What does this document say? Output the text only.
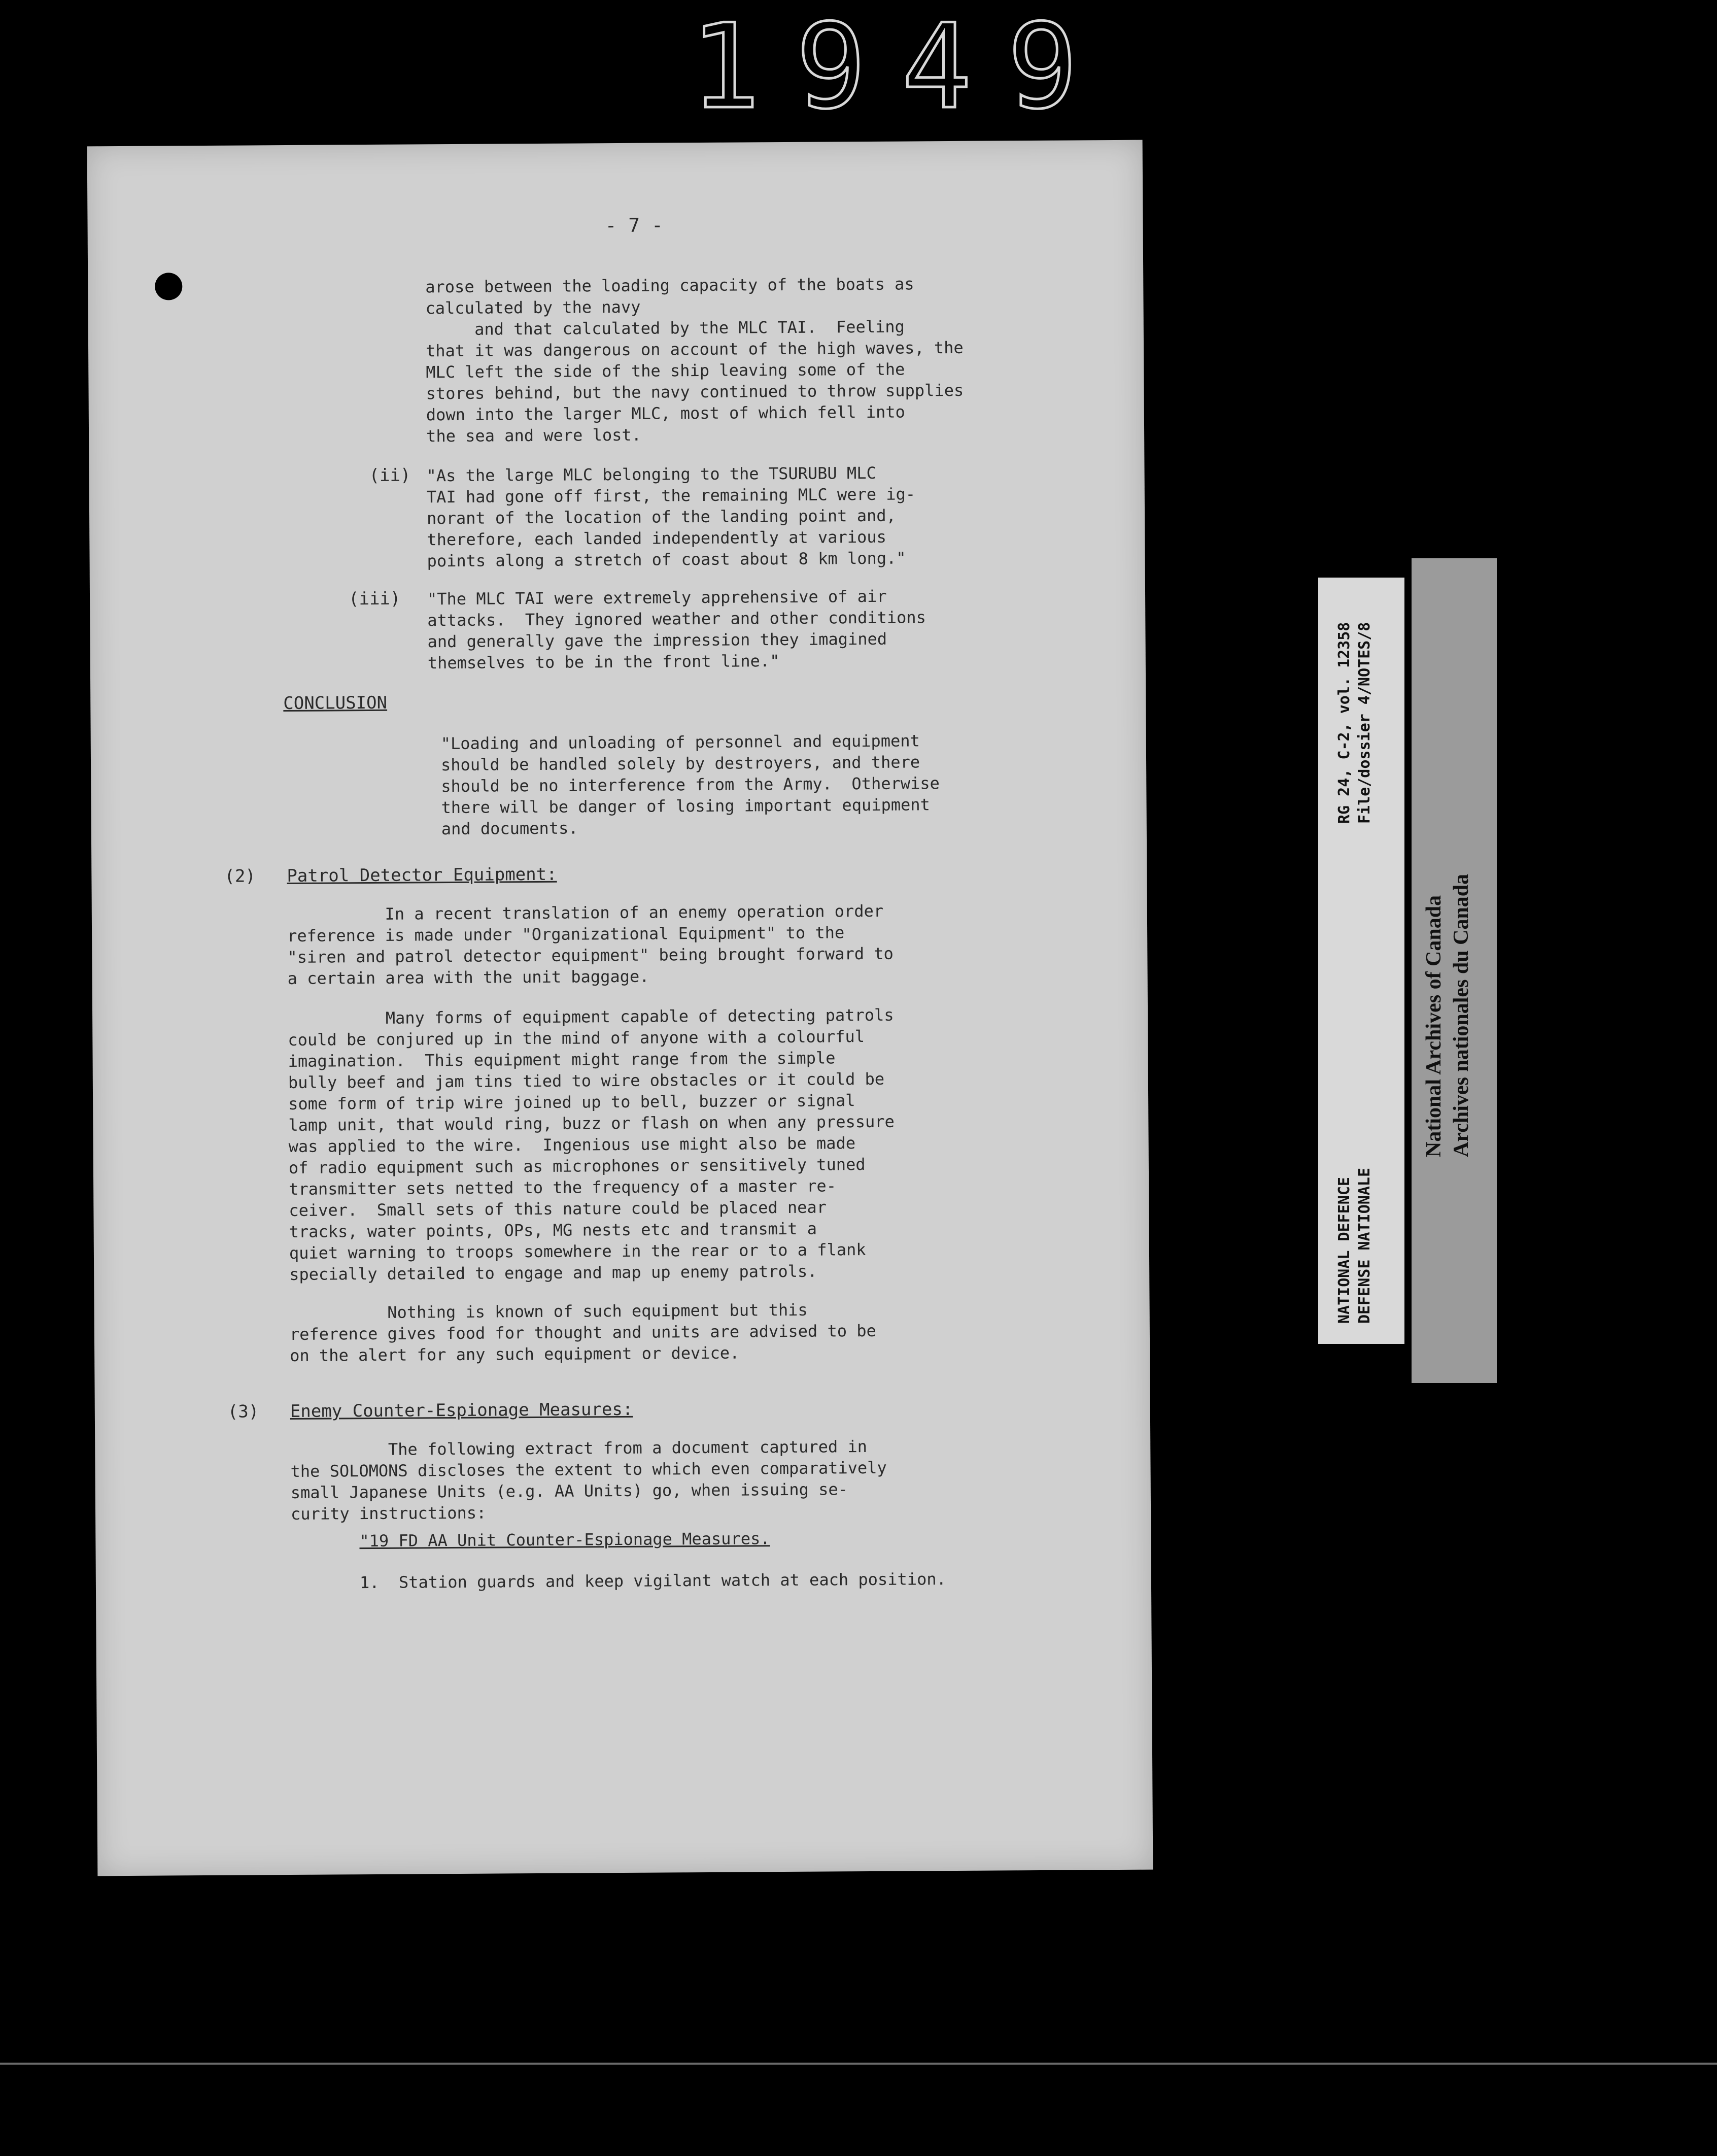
1949
- 7 -
arose between the loading capacity of the boats as
calculated by the navy
and that calculated by the MLC TAI.  Feeling
that it was dangerous on account of the high waves, the
MLC left the side of the ship leaving some of the
stores behind, but the navy continued to throw supplies
down into the larger MLC, most of which fell into
the sea and were lost.
(ii) "As the large MLC belonging to the TSURUBU MLC
TAI had gone off first, the remaining MLC were ig-
norant of the location of the landing point and,
therefore, each landed independently at various
points along a stretch of coast about 8 km long."
(iii) "The MLC TAI were extremely apprehensive of air
attacks.  They ignored weather and other conditions
and generally gave the impression they imagined
themselves to be in the front line."
CONCLUSION
"Loading and unloading of personnel and equipment
should be handled solely by destroyers, and there
should be no interference from the Army.  Otherwise
there will be danger of losing important equipment
and documents.
(2) Patrol Detector Equipment:
In a recent translation of an enemy operation order
reference is made under "Organizational Equipment" to the
"siren and patrol detector equipment" being brought forward to
a certain area with the unit baggage.
Many forms of equipment capable of detecting patrols
could be conjured up in the mind of anyone with a colourful
imagination.  This equipment might range from the simple
bully beef and jam tins tied to wire obstacles or it could be
some form of trip wire joined up to bell, buzzer or signal
lamp unit, that would ring, buzz or flash on when any pressure
was applied to the wire.  Ingenious use might also be made
of radio equipment such as microphones or sensitively tuned
transmitter sets netted to the frequency of a master re-
ceiver.  Small sets of this nature could be placed near
tracks, water points, OPs, MG nests etc and transmit a
quiet warning to troops somewhere in the rear or to a flank
specially detailed to engage and map up enemy patrols.
Nothing is known of such equipment but this
reference gives food for thought and units are advised to be
on the alert for any such equipment or device.
(3) Enemy Counter-Espionage Measures:
The following extract from a document captured in
the SOLOMONS discloses the extent to which even comparatively
small Japanese Units (e.g. AA Units) go, when issuing se-
curity instructions:
"19 FD AA Unit Counter-Espionage Measures.
1.  Station guards and keep vigilant watch at each position.
RG 24, C-2, vol. 12358 File/dossier 4/NOTES/8
NATIONAL DEFENCE DEFENSE NATIONALE
National Archives of Canada Archives nationales du Canada
